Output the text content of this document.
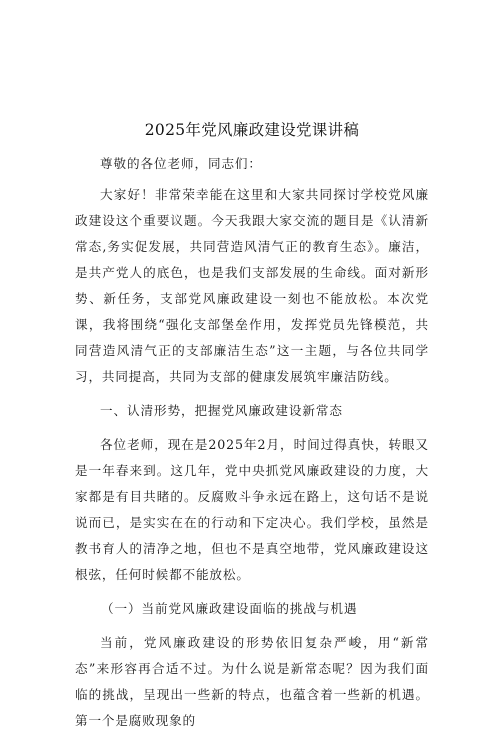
2025年党风廉政建设党课讲稿
尊敬的各位老师，同志们：
大家好！非常荣幸能在这里和大家共同探讨学校党风廉政建设这个重要议题。今天我跟大家交流的题目是《认清新常态,务实促发展，共同营造风清气正的教育生态》。廉洁，是共产党人的底色，也是我们支部发展的生命线。面对新形势、新任务，支部党风廉政建设一刻也不能放松。本次党课，我将围绕“强化支部堡垒作用，发挥党员先锋模范，共同营造风清气正的支部廉洁生态”这一主题，与各位共同学习，共同提高，共同为支部的健康发展筑牢廉洁防线。
一、认清形势，把握党风廉政建设新常态
各位老师，现在是2025年2月，时间过得真快，转眼又是一年春来到。这几年，党中央抓党风廉政建设的力度，大家都是有目共睹的。反腐败斗争永远在路上，这句话不是说说而已，是实实在在的行动和下定决心。我们学校，虽然是教书育人的清净之地，但也不是真空地带，党风廉政建设这根弦，任何时候都不能放松。
（一）当前党风廉政建设面临的挑战与机遇
当前，党风廉政建设的形势依旧复杂严峻，用“新常态”来形容再合适不过。为什么说是新常态呢？因为我们面临的挑战，呈现出一些新的特点，也蕴含着一些新的机遇。第一个是腐败现象的
